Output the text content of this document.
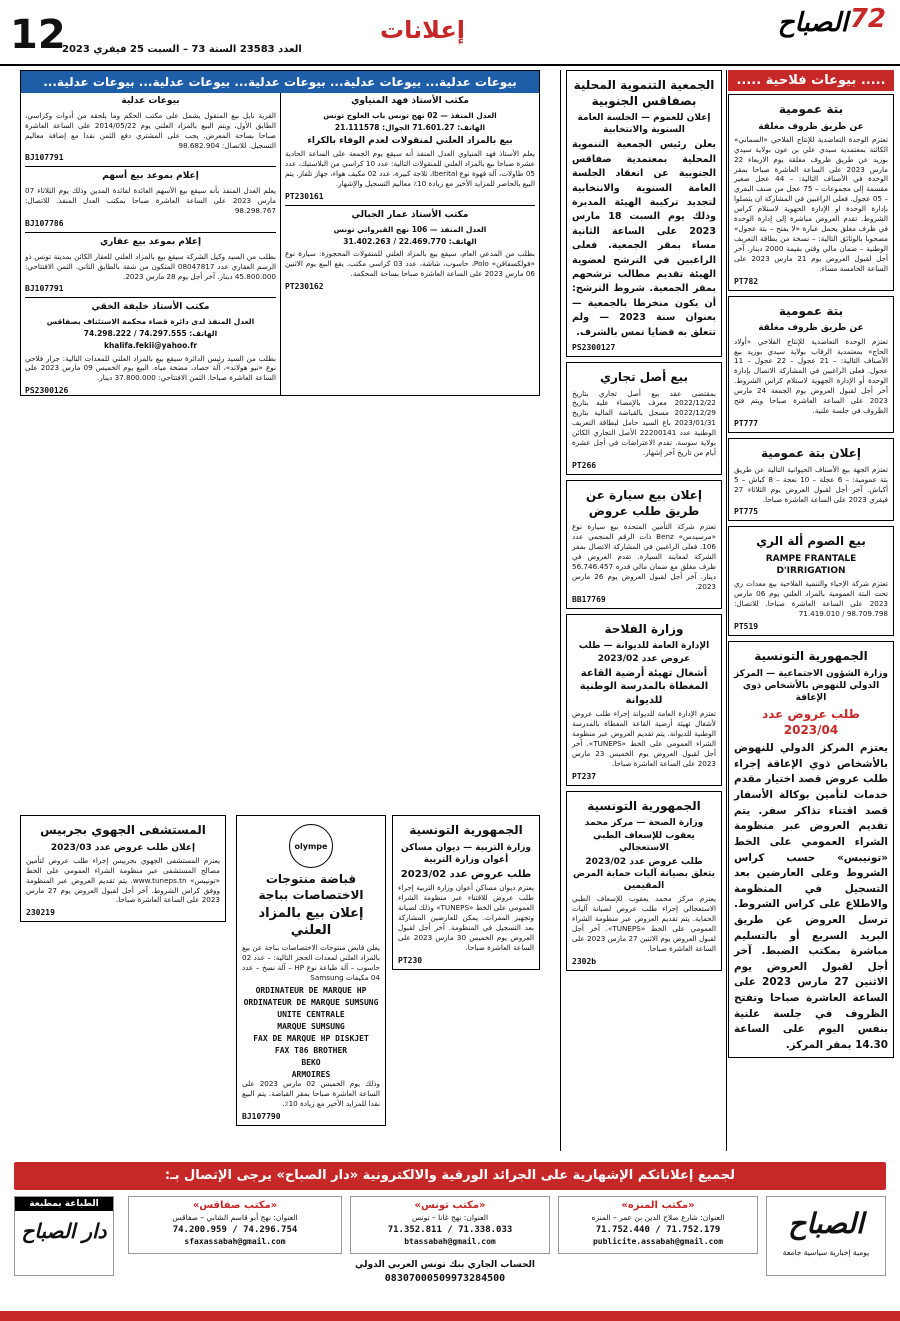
12
العدد 23583 السنة 73 – السبت 25 فيفري 2023
إعلانات	72
الصباح
..... بيوعات فلاحية .....
بتة عمومية
عن طريق ظروف مغلقة
تعتزم الوحدة التعاضدية للإنتاج الفلاحي «السماني» الكائنة بمعتمدية سيدي علي بن عون بولاية سيدي بوزيد عن طريق ظروف مغلقة يوم الاربعاء 22 مارس 2023 على الساعة العاشرة صباحا بمقر الوحدة في الأصناف التالية: – 44 عجل صغير مقسمة إلى مجموعات – 75 عجل من صنف البقري – 05 عجول. فعلى الراغبين في المشاركة ان يتصلوا بإدارة الوحدة او الإدارة الجهوية لاستلام كراس الشروط. تقدم العروض مباشرة إلى إدارة الوحدة في ظرف مغلق يحمل عبارة «لا يفتح – بتة عجول» مصحوبا بالوثائق التالية: – نسخة من بطاقة التعريف الوطنية – ضمان مالي وقتي بقيمة 2000 دينار. آخر أجل لقبول العروض يوم 21 مارس 2023 على الساعة الخامسة مساء.
PT782
بتة عمومية
عن طريق ظروف مغلقة
تعتزم الوحدة التعاضدية للإنتاج الفلاحي «أولاد الحاج» بمعتمدية الرقاب بولاية سيدي بوزيد بيع الأصناف التالية: – 21 عجول – 22 عجول – 11 عجول. فعلى الراغبين في المشاركة الاتصال بإدارة الوحدة أو الإدارة الجهوية لاستلام كراس الشروط. آخر أجل لقبول العروض يوم الجمعة 24 مارس 2023 على الساعة العاشرة صباحا ويتم فتح الظروف في جلسة علنية.
PT777
إعلان بتة عمومية
تعتزم الجهة بيع الأصناف الحيوانية التالية عن طريق بتة عمومية: – 6 عجلة – 10 نعجة – 8 كباش – 5 أكباش. آخر أجل لقبول العروض يوم الثلاثاء 27 فيفري 2023 على الساعة العاشرة صباحا.
PT775
بيع الصوم ألة الري
RAMPE FRANTALE D'IRRIGATION
تعتزم شركة الإحياء والتنمية الفلاحية بيع معدات ري تحت البتة العمومية بالمزاد العلني يوم 06 مارس 2023 على الساعة العاشرة صباحا. للاتصال: 98.709.798 / 71.419.010
PT519
الجمهورية التونسية
وزارة الشؤون الاجتماعية — المركز الدولي للنهوض بالأشخاص ذوي الإعاقة
طلب عروض عدد 2023/04
يعتزم المركز الدولي للنهوض بالأشخاص ذوي الإعاقة إجراء طلب عروض قصد اختيار مقدم خدمات لتأمين بوكالة الأسفار قصد اقتناء تذاكر سفر. يتم تقديم العروض عبر منظومة الشراء العمومي على الخط «تونيبس» حسب كراس الشروط وعلى العارضين بعد التسجيل في المنظومة والاطلاع على كراس الشروط. ترسل العروض عن طريق البريد السريع أو بالتسليم مباشرة بمكتب الضبط. آخر أجل لقبول العروض يوم الاثنين 27 مارس 2023 على الساعة العاشرة صباحا وتفتح الظروف في جلسة علنية بنفس اليوم على الساعة 14.30 بمقر المركز.
الجمعية التنموية المحلية بصفاقس الجنوبية
إعلان للعموم — الجلسة العامة السنوية والانتخابية
يعلن رئيس الجمعية التنموية المحلية بمعتمدية صفاقس الجنوبية عن انعقاد الجلسة العامة السنوية والانتخابية لتجديد تركيبة الهيئة المديرة وذلك يوم السبت 18 مارس 2023 على الساعة الثانية مساء بمقر الجمعية. فعلى الراغبين في الترشح لعضوية الهيئة تقديم مطالب ترشحهم بمقر الجمعية. شروط الترشح: أن يكون منخرطا بالجمعية — بعنوان سنة 2023 — ولم تتعلق به قضايا تمس بالشرف.
PS2300127
بيع أصل تجاري
بمقتضى عقد بيع أصل تجاري بتاريخ 2022/12/22 معرف بالإمضاء عليه بتاريخ 2022/12/29 مسجل بالقباضة المالية بتاريخ 2023/01/31 باع السيد حامل لبطاقة التعريف الوطنية عدد 22200141 الأصل التجاري الكائن بولاية سوسة. تقدم الاعتراضات في أجل عشرة أيام من تاريخ آخر إشهار.
PT266
إعلان بيع سيارة عن طريق طلب عروض
تعتزم شركة التأمين المتحدة بيع سيارة نوع «مرسيدس» Benz ذات الرقم المنجمي عدد 106. فعلى الراغبين في المشاركة الاتصال بمقر الشركة لمعاينة السيارة. تقدم العروض في ظرف مغلق مع ضمان مالي قدره 56.746.457 دينار. آخر أجل لقبول العروض يوم 26 مارس 2023.
BB17769
وزارة الفلاحة
الإدارة العامة للديوانة — طلب عروض عدد 2023/02
أشغال تهيئة أرضية القاعة المغطاة بالمدرسة الوطنية للديوانة
تعتزم الإدارة العامة للديوانة إجراء طلب عروض لأشغال تهيئة أرضية القاعة المغطاة بالمدرسة الوطنية للديوانة. يتم تقديم العروض عبر منظومة الشراء العمومي على الخط «TUNEPS». آخر أجل لقبول العروض يوم الخميس 23 مارس 2023 على الساعة العاشرة صباحا.
PT237
الجمهورية التونسية
وزارة الصحة — مركز محمد يعقوب للإسعاف الطبي الاستعجالي
طلب عروض عدد 2023/02 يتعلق بصيانة آليات حماية المرض المقيمين
يعتزم مركز محمد يعقوب للإسعاف الطبي الاستعجالي إجراء طلب عروض لصيانة آليات الحماية. يتم تقديم العروض عبر منظومة الشراء العمومي على الخط «TUNEPS». آخر أجل لقبول العروض يوم الاثنين 27 مارس 2023 على الساعة العاشرة صباحا.
2302b
بيوعات عدلية... بيوعات عدلية... بيوعات عدلية... بيوعات عدلية... بيوعات عدلية...
مكتب الأستاذ فهد المنياوي
العدل المنفذ — 02 نهج تونس باب العلوج تونس
الهاتف: 71.601.27 الجوال: 21.111578
بيع بالمزاد العلني لمنقولات لعدم الوفاء بالكراء
يعلم الأستاذ فهد المنياوي العدل المنفذ أنه سيقع يوم الجمعة على الساعة الحادية عشرة صباحا بيع بالمزاد العلني للمنقولات التالية: عدد 10 كراسي من البلاستيك، عدد 05 طاولات، آلة قهوة نوع Iberital، ثلاجة كبيرة، عدد 02 مكيف هواء، جهاز تلفاز. يتم البيع بالحاضر للمزايد الأخير مع زيادة 10٪ معاليم التسجيل والإشهار.
PT230161
مكتب الأستاذ عمار الجبالي
العدل المنفذ — 106 نهج القيرواني تونس
الهاتف: 22.469.770 / 31.402.263
بطلب من المدعي العام، سيقع بيع بالمزاد العلني للمنقولات المحجوزة: سيارة نوع «فولكسفاقن» Polo، حاسوب، شاشة، عدد 03 كراسي مكتب. يقع البيع يوم الاثنين 06 مارس 2023 على الساعة العاشرة صباحا بساحة المحكمة.
PT230162
بيوعات عدلية
القرية نابل بيع المنقول يشمل على مكتب الحكم وما يلحقه من أدوات وكراسي، الطابق الأول، ويتم البيع بالمزاد العلني يوم 2014/05/22 على الساعة العاشرة صباحا بساحة المعرض. يجب على المشتري دفع الثمن نقدا مع إضافة معاليم التسجيل. للاتصال: 98.682.904
BJ107791
إعلام بموعد بيع أسهم
يعلم العدل المنفذ بأنه سيقع بيع الأسهم العائدة لفائدة المدين وذلك يوم الثلاثاء 07 مارس 2023 على الساعة العاشرة صباحا بمكتب العدل المنفذ. للاتصال: 98.298.767
BJ107786
إعلام بموعد بيع عقاري
بطلب من السيد وكيل الشركة سيقع بيع بالمزاد العلني للعقار الكائن بمدينة تونس ذو الرسم العقاري عدد 08047817 المتكون من شقة بالطابق الثاني. الثمن الافتتاحي: 45.800.000 دينار. آخر أجل يوم 28 مارس 2023.
BJ107791
مكتب الأستاذ خليفة الخقي
العدل المنفذ لدى دائرة قضاء محكمة الاستئناف بصفاقس
الهاتف: 74.297.555 / 74.298.222
khalifa.fekii@yahoo.fr
بطلب من السيد رئيس الدائرة سيقع بيع بالمزاد العلني للمعدات التالية: جرار فلاحي نوع «نيو هولاند»، آلة حصاد، مضخة مياه. البيع يوم الخميس 09 مارس 2023 على الساعة العاشرة صباحا. الثمن الافتتاحي: 37.800.000 دينار.
PS2300126
الجمهورية التونسية
وزارة التربية — ديوان مساكن أعوان وزارة التربية
طلب عروض عدد 2023/02
يعتزم ديوان مساكن أعوان وزارة التربية إجراء طلب عروض للاقتناء عبر منظومة الشراء العمومي على الخط «TUNEPS» وذلك لصيانة وتجهيز المقرات. يمكن للعارضين المشاركة بعد التسجيل في المنظومة. آخر أجل لقبول العروض يوم الخميس 30 مارس 2023 على الساعة العاشرة صباحا.
PT230
olympe
قباضة منتوجات الاختصاصات بباجة
إعلان بيع بالمزاد العلني
يعلن قابض منتوجات الاختصاصات بباجة عن بيع بالمزاد العلني لمعدات الحجز التالية: – عدد 02 حاسوب – آلة طباعة نوع HP – آلة نسخ – عدد 04 مكيفات Samsung
ORDINATEUR DE MARQUE HP
ORDINATEUR DE MARQUE SUMSUNG
UNITE CENTRALE
MARQUE SUMSUNG
FAX DE MARQUE HP DISKJET
FAX T86 BROTHER
BEKO
ARMOIRES
وذلك يوم الخميس 02 مارس 2023 على الساعة العاشرة صباحا بمقر القباضة. يتم البيع نقدا للمزايد الأخير مع زيادة 10٪.
BJ107790
المستشفى الجهوي بجربيس
إعلان طلب عروض عدد 2023/03
يعتزم المستشفى الجهوي بجربيس إجراء طلب عروض لتأمين مصالح المستشفى عبر منظومة الشراء العمومي على الخط «تونيبس» www.tuneps.tn. يتم تقديم العروض عبر المنظومة ووفق كراس الشروط. آخر أجل لقبول العروض يوم 27 مارس 2023 على الساعة العاشرة صباحا.
230219
لجميع إعلاناتكم الإشهارية على الجرائد الورقية والالكترونية «دار الصباح» يرجى الإتصال بـ:
الصباح
يومية إخبارية سياسية جامعة
«مكتب المنزه»
العنوان: شارع صلاح الدين بن عمر – المنزه
71.752.440 / 71.752.179
publicite.assabah@gmail.com
«مكتب تونس»
العنوان: نهج غانا – تونس
71.352.811 / 71.338.033
btassabah@gmail.com
«مكتب صفاقس»
العنوان: نهج أبو قاسم الشابي – صفاقس
74.200.959 / 74.296.754
sfaxassabah@gmail.com
الطباعة بمطبعة
دار الصباح
الحساب الجاري بنك تونس العربي الدولي
08307000509973284500
